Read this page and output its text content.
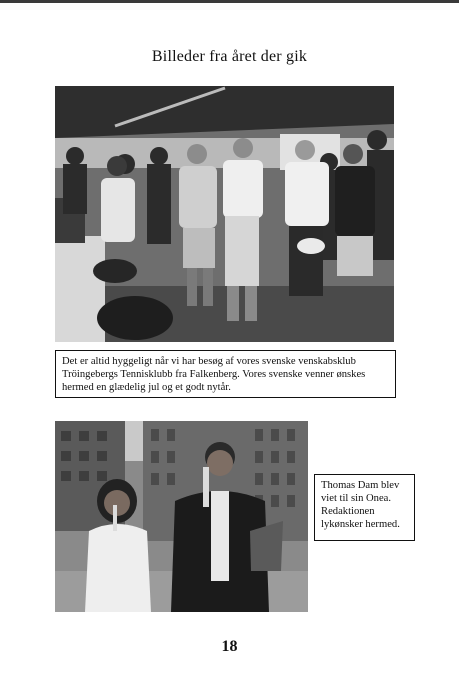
Billeder fra året der gik
Det er altid hyggeligt når vi har besøg af vores svenske venskabsklub
Tröingebergs Tennisklubb fra Falkenberg. Vores svenske venner ønskes
hermed en glædelig jul og et godt nytår.
Thomas Dam blev
viet til sin Onea.
Redaktionen
lykønsker hermed.
18
